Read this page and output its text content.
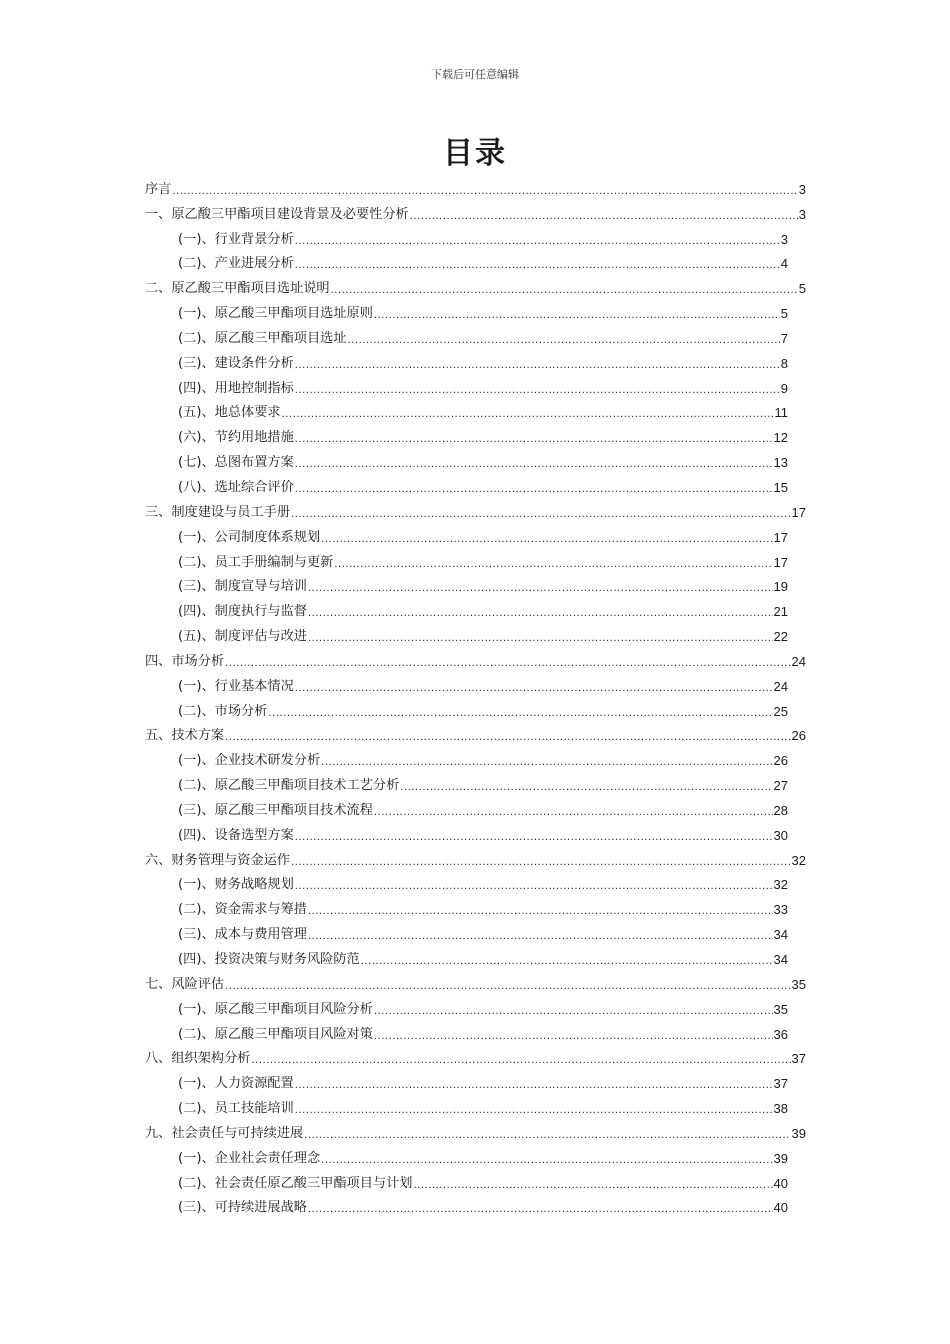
下载后可任意编辑
目录
序言 .....	3
一、原乙酸三甲酯项目建设背景及必要性分析 .....	3
(一)、行业背景分析 .....	3
(二)、产业进展分析 .....	4
二、原乙酸三甲酯项目选址说明 .....	5
(一)、原乙酸三甲酯项目选址原则 .....	5
(二)、原乙酸三甲酯项目选址 .....	7
(三)、建设条件分析 .....	8
(四)、用地控制指标 .....	9
(五)、地总体要求 .....	11
(六)、节约用地措施 .....	12
(七)、总图布置方案 .....	13
(八)、选址综合评价 .....	15
三、制度建设与员工手册 .....	17
(一)、公司制度体系规划 .....	17
(二)、员工手册编制与更新 .....	17
(三)、制度宣导与培训 .....	19
(四)、制度执行与监督 .....	21
(五)、制度评估与改进 .....	22
四、市场分析 .....	24
(一)、行业基本情况 .....	24
(二)、市场分析 .....	25
五、技术方案 .....	26
(一)、企业技术研发分析 .....	26
(二)、原乙酸三甲酯项目技术工艺分析 .....	27
(三)、原乙酸三甲酯项目技术流程 .....	28
(四)、设备选型方案 .....	30
六、财务管理与资金运作 .....	32
(一)、财务战略规划 .....	32
(二)、资金需求与筹措 .....	33
(三)、成本与费用管理 .....	34
(四)、投资决策与财务风险防范 .....	34
七、风险评估 .....	35
(一)、原乙酸三甲酯项目风险分析 .....	35
(二)、原乙酸三甲酯项目风险对策 .....	36
八、组织架构分析 .....	37
(一)、人力资源配置 .....	37
(二)、员工技能培训 .....	38
九、社会责任与可持续进展 .....	39
(一)、企业社会责任理念 .....	39
(二)、社会责任原乙酸三甲酯项目与计划 .....	40
(三)、可持续进展战略 .....	40
